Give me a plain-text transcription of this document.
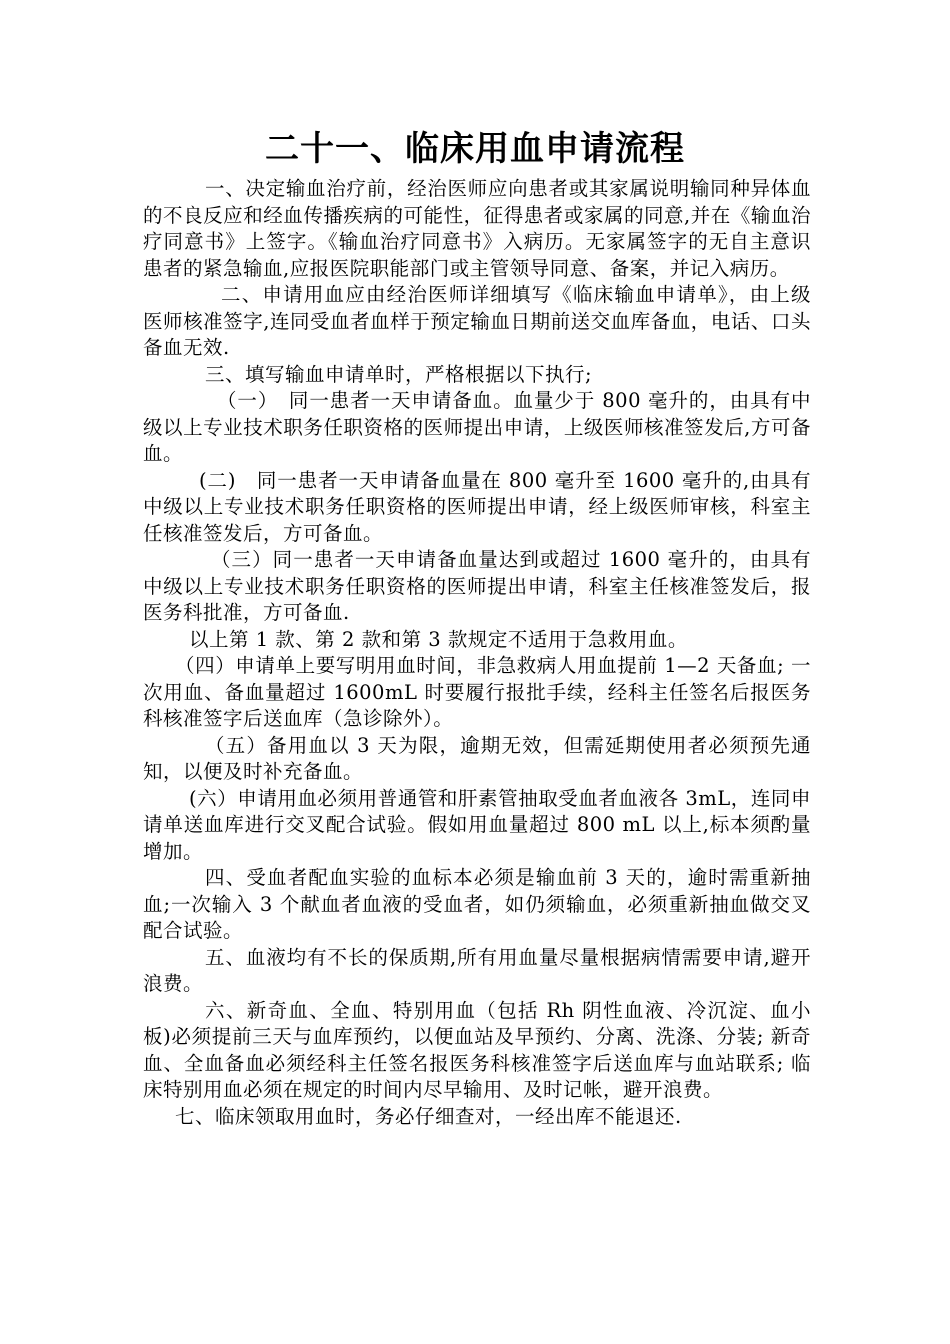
二十一、临床用血申请流程

一、决定输血治疗前，经治医师应向患者或其家属说明输同种异体血的不良反应和经血传播疾病的可能性，征得患者或家属的同意,并在《输血治疗同意书》上签字。《输血治疗同意书》入病历。无家属签字的无自主意识患者的紧急输血,应报医院职能部门或主管领导同意、备案，并记入病历。

二、申请用血应由经治医师详细填写《临床输血申请单》，由上级医师核准签字,连同受血者血样于预定输血日期前送交血库备血，电话、口头备血无效.

三、填写输血申请单时，严格根据以下执行;

（一）　同一患者一天申请备血。血量少于 800 毫升的，由具有中级以上专业技术职务任职资格的医师提出申请，上级医师核准签发后,方可备血。

(二)　同一患者一天申请备血量在 800 毫升至 1600 毫升的,由具有中级以上专业技术职务任职资格的医师提出申请，经上级医师审核，科室主任核准签发后，方可备血。

（三）同一患者一天申请备血量达到或超过 1600 毫升的，由具有中级以上专业技术职务任职资格的医师提出申请，科室主任核准签发后，报医务科批准，方可备血.

以上第 1 款、第 2 款和第 3 款规定不适用于急救用血。

（四）申请单上要写明用血时间，非急救病人用血提前 1—2 天备血; 一次用血、备血量超过 1600mL 时要履行报批手续，经科主任签名后报医务科核准签字后送血库（急诊除外）。

（五）备用血以 3 天为限，逾期无效，但需延期使用者必须预先通知，以便及时补充备血。

(六）申请用血必须用普通管和肝素管抽取受血者血液各 3mL，连同申请单送血库进行交叉配合试验。假如用血量超过 800 mL 以上,标本须酌量增加。

四、受血者配血实验的血标本必须是输血前 3 天的，逾时需重新抽血;一次输入 3 个献血者血液的受血者，如仍须输血，必须重新抽血做交叉配合试验。

五、血液均有不长的保质期,所有用血量尽量根据病情需要申请,避开浪费。

六、新奇血、全血、特别用血（包括 Rh 阴性血液、冷沉淀、血小板)必须提前三天与血库预约，以便血站及早预约、分离、洗涤、分装; 新奇血、全血备血必须经科主任签名报医务科核准签字后送血库与血站联系; 临床特别用血必须在规定的时间内尽早输用、及时记帐，避开浪费。

七、临床领取用血时，务必仔细查对，一经出库不能退还.
